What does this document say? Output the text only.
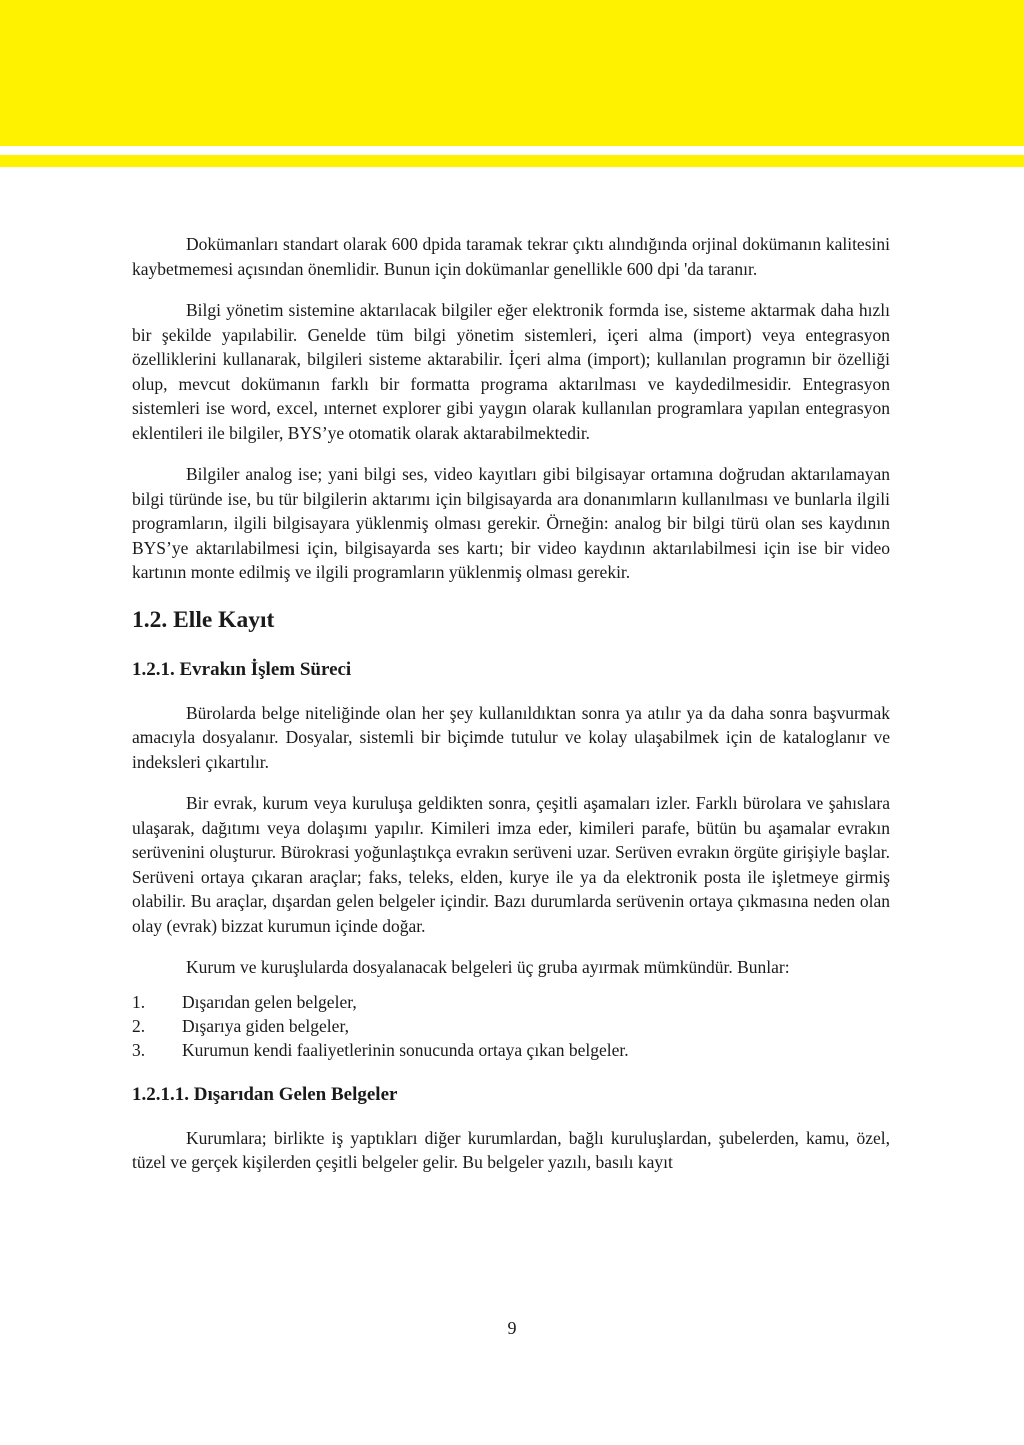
Dokümanları standart olarak 600 dpida taramak tekrar çıktı alındığında orjinal dokümanın kalitesini kaybetmemesi açısından önemlidir. Bunun için dokümanlar genellikle 600 dpi 'da taranır.

Bilgi yönetim sistemine aktarılacak bilgiler eğer elektronik formda ise, sisteme aktarmak daha hızlı bir şekilde yapılabilir. Genelde tüm bilgi yönetim sistemleri, içeri alma (import) veya entegrasyon özelliklerini kullanarak, bilgileri sisteme aktarabilir. İçeri alma (import); kullanılan programın bir özelliği olup, mevcut dokümanın farklı bir formatta programa aktarılması ve kaydedilmesidir. Entegrasyon sistemleri ise word, excel, ınternet explorer gibi yaygın olarak kullanılan programlara yapılan entegrasyon eklentileri ile bilgiler, BYS’ye otomatik olarak aktarabilmektedir.

Bilgiler analog ise; yani bilgi ses, video kayıtları gibi bilgisayar ortamına doğrudan aktarılamayan bilgi türünde ise, bu tür bilgilerin aktarımı için bilgisayarda ara donanımların kullanılması ve bunlarla ilgili programların, ilgili bilgisayara yüklenmiş olması gerekir. Örneğin: analog bir bilgi türü olan ses kaydının BYS’ye aktarılabilmesi için, bilgisayarda ses kartı; bir video kaydının aktarılabilmesi için ise bir video kartının monte edilmiş ve ilgili programların yüklenmiş olması gerekir.

1.2. Elle Kayıt
1.2.1. Evrakın İşlem Süreci

Bürolarda belge niteliğinde olan her şey kullanıldıktan sonra ya atılır ya da daha sonra başvurmak amacıyla dosyalanır. Dosyalar, sistemli bir biçimde tutulur ve kolay ulaşabilmek için de kataloglanır ve indeksleri çıkartılır.

Bir evrak, kurum veya kuruluşa geldikten sonra, çeşitli aşamaları izler. Farklı bürolara ve şahıslara ulaşarak, dağıtımı veya dolaşımı yapılır. Kimileri imza eder, kimileri parafe, bütün bu aşamalar evrakın serüvenini oluşturur. Bürokrasi yoğunlaştıkça evrakın serüveni uzar. Serüven evrakın örgüte girişiyle başlar. Serüveni ortaya çıkaran araçlar; faks, teleks, elden, kurye ile ya da elektronik posta ile işletmeye girmiş olabilir. Bu araçlar, dışardan gelen belgeler içindir. Bazı durumlarda serüvenin ortaya çıkmasına neden olan olay (evrak) bizzat kurumun içinde doğar.

Kurum ve kuruşlularda dosyalanacak belgeleri üç gruba ayırmak mümkündür. Bunlar:

1.	Dışarıdan gelen belgeler,
2.	Dışarıya giden belgeler,
3.	Kurumun kendi faaliyetlerinin sonucunda ortaya çıkan belgeler.
1.2.1.1. Dışarıdan Gelen Belgeler

Kurumlara; birlikte iş yaptıkları diğer kurumlardan, bağlı kuruluşlardan, şubelerden, kamu, özel, tüzel ve gerçek kişilerden çeşitli belgeler gelir. Bu belgeler yazılı, basılı kayıt

9
